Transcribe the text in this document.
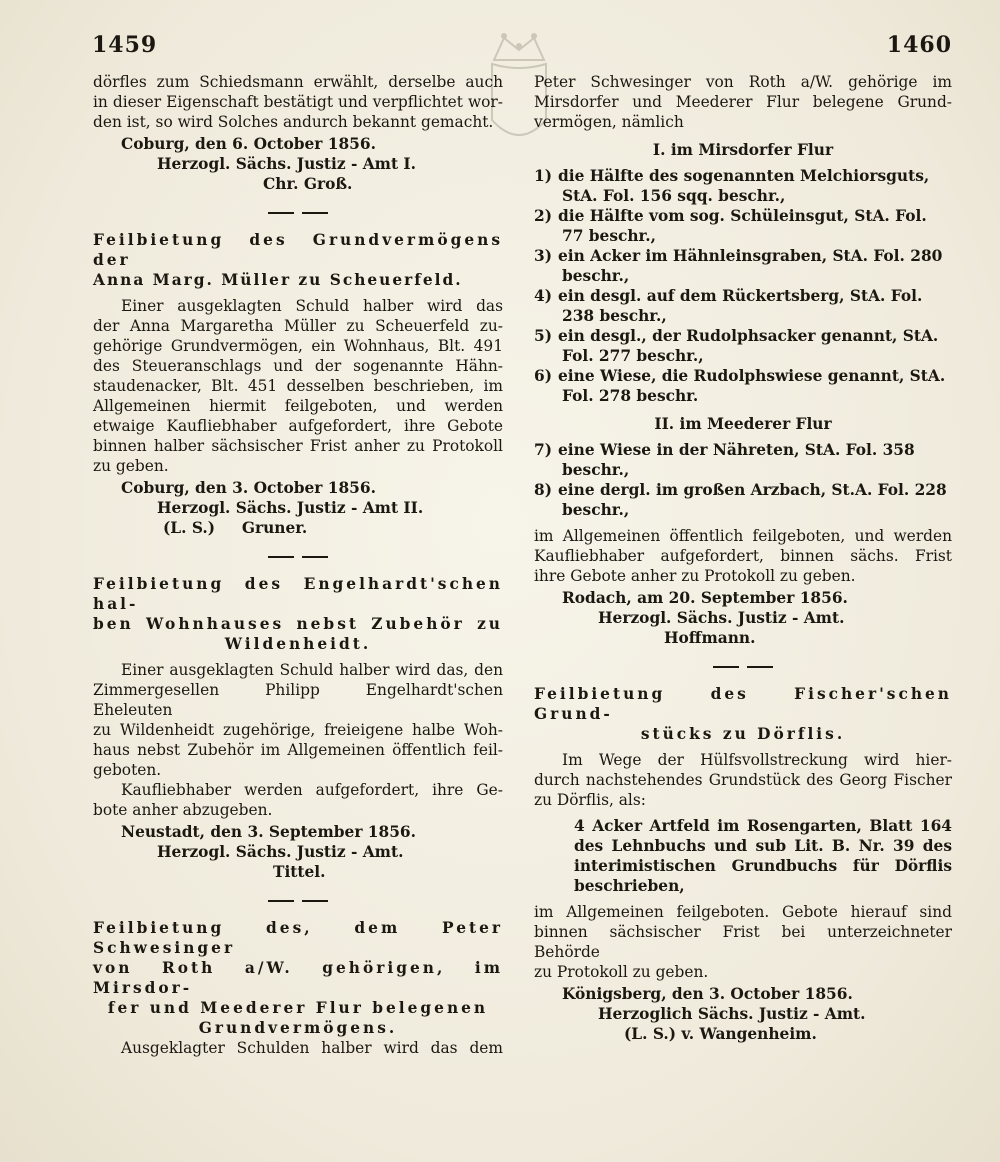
1459	1460

dörfles zum Schiedsmann erwählt, derselbe auch

in dieser Eigenschaft bestätigt und verpflichtet wor-

den ist, so wird Solches andurch bekannt gemacht.

Coburg, den 6. October 1856.

Herzogl. Sächs. Justiz - Amt I.

Chr. Groß.

Feilbietung des Grundvermögens der

Anna Marg. Müller zu Scheuerfeld.

Einer ausgeklagten Schuld halber wird das

der Anna Margaretha Müller zu Scheuerfeld zu-

gehörige Grundvermögen, ein Wohnhaus, Blt. 491

des Steueranschlags und der sogenannte Hähn-

staudenacker, Blt. 451 desselben beschrieben, im

Allgemeinen hiermit feilgeboten, und werden

etwaige Kaufliebhaber aufgefordert, ihre Gebote

binnen halber sächsischer Frist anher zu Protokoll

zu geben.

Coburg, den 3. October 1856.

Herzogl. Sächs. Justiz - Amt II.

(L. S.)     Gruner.

Feilbietung des Engelhardt'schen hal-

ben Wohnhauses nebst Zubehör zu

Wildenheidt.

Einer ausgeklagten Schuld halber wird das, den

Zimmergesellen Philipp Engelhardt'schen Eheleuten

zu Wildenheidt zugehörige, freieigene halbe Woh-

haus nebst Zubehör im Allgemeinen öffentlich feil-

geboten.

Kaufliebhaber werden aufgefordert, ihre Ge-

bote anher abzugeben.

Neustadt, den 3. September 1856.

Herzogl. Sächs. Justiz - Amt.

Tittel.

Feilbietung des, dem Peter Schwesinger

von Roth a/W. gehörigen, im Mirsdor-

fer und Meederer Flur belegenen

Grundvermögens.

Ausgeklagter Schulden halber wird das dem

Peter Schwesinger von Roth a/W. gehörige im

Mirsdorfer und Meederer Flur belegene Grund-

vermögen, nämlich

I. im Mirsdorfer Flur

1) die Hälfte des sogenannten Melchiorsguts, StA. Fol. 156 sqq. beschr.,
2) die Hälfte vom sog. Schüleinsgut, StA. Fol. 77 beschr.,
3) ein Acker im Hähnleinsgraben, StA. Fol. 280 beschr.,
4) ein desgl. auf dem Rückertsberg, StA. Fol. 238 beschr.,
5) ein desgl., der Rudolphsacker genannt, StA. Fol. 277 beschr.,
6) eine Wiese, die Rudolphswiese genannt, StA. Fol. 278 beschr.

II. im Meederer Flur

7) eine Wiese in der Nähreten, StA. Fol. 358 beschr.,
8) eine dergl. im großen Arzbach, St.A. Fol. 228 beschr.,

im Allgemeinen öffentlich feilgeboten, und werden

Kaufliebhaber aufgefordert, binnen sächs. Frist

ihre Gebote anher zu Protokoll zu geben.

Rodach, am 20. September 1856.

Herzogl. Sächs. Justiz - Amt.

Hoffmann.

Feilbietung des Fischer'schen Grund-

stücks zu Dörflis.

Im Wege der Hülfsvollstreckung wird hier-

durch nachstehendes Grundstück des Georg Fischer

zu Dörflis, als:

4 Acker Artfeld im Rosengarten, Blatt 164 des Lehnbuchs und sub Lit. B. Nr. 39 des interimistischen Grundbuchs für Dörflis beschrieben,

im Allgemeinen feilgeboten. Gebote hierauf sind

binnen sächsischer Frist bei unterzeichneter Behörde

zu Protokoll zu geben.

Königsberg, den 3. October 1856.

Herzoglich Sächs. Justiz - Amt.

(L. S.) v. Wangenheim.
